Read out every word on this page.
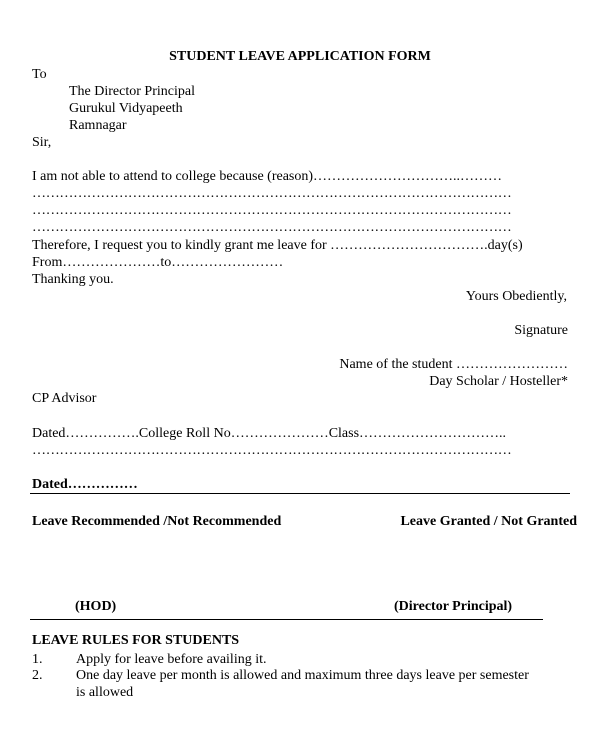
STUDENT LEAVE APPLICATION FORM
To
The Director Principal
Gurukul Vidyapeeth
Ramnagar
Sir,
I am not able to attend to college because (reason)…………………………..………
……………………………………………………………………………………………
……………………………………………………………………………………………
……………………………………………………………………………………………
Therefore, I request you to kindly grant me leave for …………………………….day(s)
From…………………to……………………
Thanking you.
Yours Obediently,
Signature
Name of the student ……………………
Day Scholar / Hosteller*
CP Advisor
Dated…………….College Roll No…………………Class…………………………..
……………………………………………………………………………………………
Dated……………
Leave Recommended /Not Recommended	Leave Granted / Not Granted
(HOD)	(Director Principal)
LEAVE RULES FOR STUDENTS
1. Apply for leave before availing it.
2. One day leave per month is allowed and maximum three days leave per semester
is allowed
